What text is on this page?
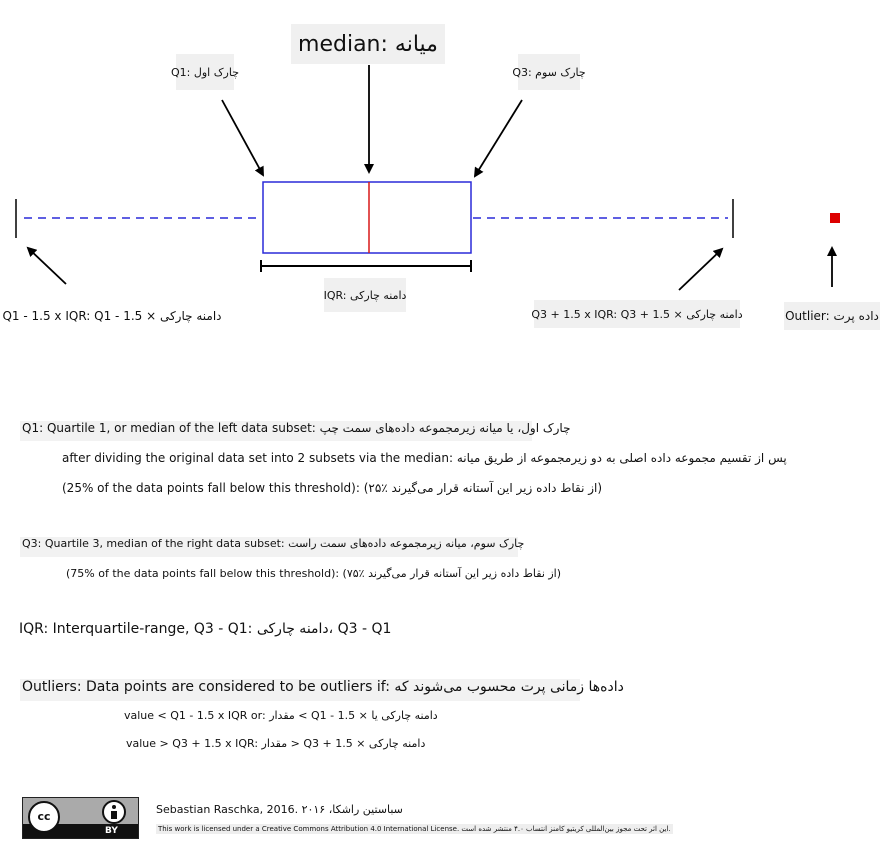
median: میانه
Q1: چارک اول	Q3: چارک سوم
IQR: دامنه چارکی
Q1 - 1.5 x IQR: Q1 - 1.5 × دامنه چارکی	Q3 + 1.5 x IQR: Q3 + 1.5 × دامنه چارکی	Outlier: داده پرت
Q1: Quartile 1, or median of the left data subset: چارک اول، یا میانه زیرمجموعه داده‌های سمت چپ
after dividing the original data set into 2 subsets via the median: پس از تقسیم مجموعه داده اصلی به دو زیرمجموعه از طریق میانه
(25% of the data points fall below this threshold): (۲۵٪ از نقاط داده زیر این آستانه قرار می‌گیرند)
Q3: Quartile 3, median of the right data subset: چارک سوم، میانه زیرمجموعه داده‌های سمت راست
(75% of the data points fall below this threshold): (۷۵٪ از نقاط داده زیر این آستانه قرار می‌گیرند)
IQR: Interquartile-range, Q3 - Q1: دامنه چارکی، Q3 - Q1
Outliers: Data points are considered to be outliers if: داده‌ها زمانی پرت محسوب می‌شوند که
value < Q1 - 1.5 x IQR or: مقدار < Q1 - 1.5 × دامنه چارکی یا
value > Q3 + 1.5 x IQR: مقدار > Q3 + 1.5 × دامنه چارکی
cc
BY
Sebastian Raschka, 2016. سباستین راشکا، ۲۰۱۶
This work is licensed under a Creative Commons Attribution 4.0 International License. این اثر تحت مجوز بین‌المللی کریتیو کامنز انتساب ۴.۰ منتشر شده است.
